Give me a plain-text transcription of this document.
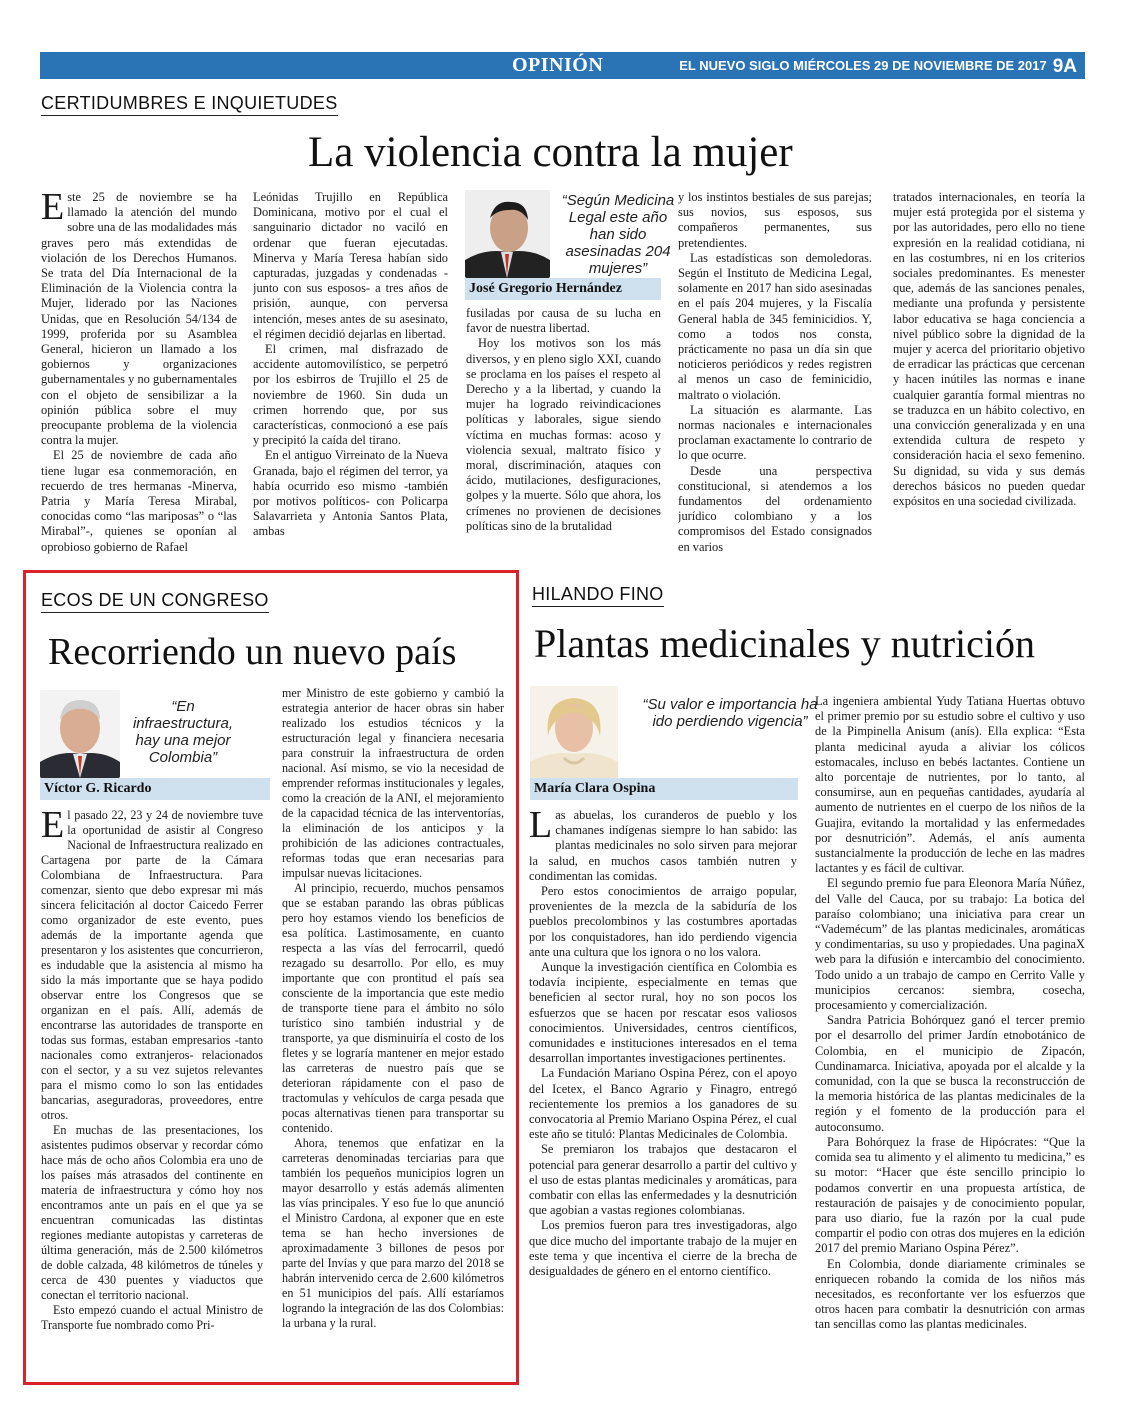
OPINIÓN	EL NUEVO SIGLO MIÉRCOLES 29 DE NOVIEMBRE DE 2017 9A
CERTIDUMBRES E INQUIETUDES
La violencia contra la mujer

Este 25 de noviembre se ha llamado la atención del mundo sobre una de las modalidades más graves pero más extendidas de violación de los Derechos Humanos. Se trata del Día Internacional de la Eliminación de la Violencia contra la Mujer, liderado por las Naciones Unidas, que en Resolución 54/134 de 1999, proferida por su Asamblea General, hicieron un llamado a los gobiernos y organizaciones gubernamentales y no gubernamentales con el objeto de sensibilizar a la opinión pública sobre el muy preocupante problema de la violencia contra la mujer.

El 25 de noviembre de cada año tiene lugar esa conmemoración, en recuerdo de tres hermanas -Minerva, Patria y María Teresa Mirabal, conocidas como “las mariposas” o “las Mirabal”-, quienes se oponían al oprobioso gobierno de Rafael

Leónidas Trujillo en República Dominicana, motivo por el cual el sanguinario dictador no vaciló en ordenar que fueran ejecutadas. Minerva y María Teresa habían sido capturadas, juzgadas y condenadas -junto con sus esposos- a tres años de prisión, aunque, con perversa intención, meses antes de su asesinato, el régimen decidió dejarlas en libertad.

El crimen, mal disfrazado de accidente automovilístico, se perpetró por los esbirros de Trujillo el 25 de noviembre de 1960. Sin duda un crimen horrendo que, por sus características, conmocionó a ese país y precipitó la caída del tirano.

En el antiguo Virreinato de la Nueva Granada, bajo el régimen del terror, ya había ocurrido eso mismo -también por motivos políticos- con Policarpa Salavarrieta y Antonia Santos Plata, ambas

“Según Medicina Legal este año han sido asesinadas 204 mujeres”
José Gregorio Hernández

fusiladas por causa de su lucha en favor de nuestra libertad.

Hoy los motivos son los más diversos, y en pleno siglo XXI, cuando se proclama en los países el respeto al Derecho y a la libertad, y cuando la mujer ha logrado reivindicaciones políticas y laborales, sigue siendo víctima en muchas formas: acoso y violencia sexual, maltrato físico y moral, discriminación, ataques con ácido, mutilaciones, desfiguraciones, golpes y la muerte. Sólo que ahora, los crímenes no provienen de decisiones políticas sino de la brutalidad

y los instintos bestiales de sus parejas; sus novios, sus esposos, sus compañeros permanentes, sus pretendientes.

Las estadísticas son demoledoras. Según el Instituto de Medicina Legal, solamente en 2017 han sido asesinadas en el país 204 mujeres, y la Fiscalía General habla de 345 feminicidios. Y, como a todos nos consta, prácticamente no pasa un día sin que noticieros periódicos y redes registren al menos un caso de feminicidio, maltrato o violación.

La situación es alarmante. Las normas nacionales e internacionales proclaman exactamente lo contrario de lo que ocurre.

Desde una perspectiva constitucional, si atendemos a los fundamentos del ordenamiento jurídico colombiano y a los compromisos del Estado consignados en varios

tratados internacionales, en teoría la mujer está protegida por el sistema y por las autoridades, pero ello no tiene expresión en la realidad cotidiana, ni en las costumbres, ni en los criterios sociales predominantes. Es menester que, además de las sanciones penales, mediante una profunda y persistente labor educativa se haga conciencia a nivel público sobre la dignidad de la mujer y acerca del prioritario objetivo de erradicar las prácticas que cercenan y hacen inútiles las normas e inane cualquier garantía formal mientras no se traduzca en un hábito colectivo, en una convicción generalizada y en una extendida cultura de respeto y consideración hacia el sexo femenino. Su dignidad, su vida y sus demás derechos básicos no pueden quedar expósitos en una sociedad civilizada.

ECOS DE UN CONGRESO
Recorriendo un nuevo país
“En infraestructura, hay una mejor Colombia”
Víctor G. Ricardo

El pasado 22, 23 y 24 de noviembre tuve la oportunidad de asistir al Congreso Nacional de Infraestructura realizado en Cartagena por parte de la Cámara Colombiana de Infraestructura. Para comenzar, siento que debo expresar mi más sincera felicitación al doctor Caicedo Ferrer como organizador de este evento, pues además de la importante agenda que presentaron y los asistentes que concurrieron, es indudable que la asistencia al mismo ha sido la más importante que se haya podido observar entre los Congresos que se organizan en el país. Allí, además de encontrarse las autoridades de transporte en todas sus formas, estaban empresarios -tanto nacionales como extranjeros- relacionados con el sector, y a su vez sujetos relevantes para el mismo como lo son las entidades bancarias, aseguradoras, proveedores, entre otros.

En muchas de las presentaciones, los asistentes pudimos observar y recordar cómo hace más de ocho años Colombia era uno de los países más atrasados del continente en materia de infraestructura y cómo hoy nos encontramos ante un país en el que ya se encuentran comunicadas las distintas regiones mediante autopistas y carreteras de última generación, más de 2.500 kilómetros de doble calzada, 48 kilómetros de túneles y cerca de 430 puentes y viaductos que conectan el territorio nacional.

Esto empezó cuando el actual Ministro de Transporte fue nombrado como Pri-

mer Ministro de este gobierno y cambió la estrategia anterior de hacer obras sin haber realizado los estudios técnicos y la estructuración legal y financiera necesaria para construir la infraestructura de orden nacional. Así mismo, se vio la necesidad de emprender reformas institucionales y legales, como la creación de la ANI, el mejoramiento de la capacidad técnica de las interventorías, la eliminación de los anticipos y la prohibición de las adiciones contractuales, reformas todas que eran necesarias para impulsar nuevas licitaciones.

Al principio, recuerdo, muchos pensamos que se estaban parando las obras públicas pero hoy estamos viendo los beneficios de esa política. Lastimosamente, en cuanto respecta a las vías del ferrocarril, quedó rezagado su desarrollo. Por ello, es muy importante que con prontitud el país sea consciente de la importancia que este medio de transporte tiene para el ámbito no sólo turístico sino también industrial y de transporte, ya que disminuiría el costo de los fletes y se lograría mantener en mejor estado las carreteras de nuestro país que se deterioran rápidamente con el paso de tractomulas y vehículos de carga pesada que pocas alternativas tienen para transportar su contenido.

Ahora, tenemos que enfatizar en la carreteras denominadas terciarias para que también los pequeños municipios logren un mayor desarrollo y estás además alimenten las vías principales. Y eso fue lo que anunció el Ministro Cardona, al exponer que en este tema se han hecho inversiones de aproximadamente 3 billones de pesos por parte del Invías y que para marzo del 2018 se habrán intervenido cerca de 2.600 kilómetros en 51 municipios del país. Allí estaríamos logrando la integración de las dos Colombias: la urbana y la rural.

HILANDO FINO
Plantas medicinales y nutrición
“Su valor e importancia ha ido perdiendo vigencia”
María Clara Ospina

Las abuelas, los curanderos de pueblo y los chamanes indígenas siempre lo han sabido: las plantas medicinales no solo sirven para mejorar la salud, en muchos casos también nutren y condimentan las comidas.

Pero estos conocimientos de arraigo popular, provenientes de la mezcla de la sabiduría de los pueblos precolombinos y las costumbres aportadas por los conquistadores, han ido perdiendo vigencia ante una cultura que los ignora o no los valora.

Aunque la investigación científica en Colombia es todavía incipiente, especialmente en temas que beneficien al sector rural, hoy no son pocos los esfuerzos que se hacen por rescatar esos valiosos conocimientos. Universidades, centros científicos, comunidades e instituciones interesados en el tema desarrollan importantes investigaciones pertinentes.

La Fundación Mariano Ospina Pérez, con el apoyo del Icetex, el Banco Agrario y Finagro, entregó recientemente los premios a los ganadores de su convocatoria al Premio Mariano Ospina Pérez, el cual este año se tituló: Plantas Medicinales de Colombia.

Se premiaron los trabajos que destacaron el potencial para generar desarrollo a partir del cultivo y el uso de estas plantas medicinales y aromáticas, para combatir con ellas las enfermedades y la desnutrición que agobian a vastas regiones colombianas.

Los premios fueron para tres investigadoras, algo que dice mucho del importante trabajo de la mujer en este tema y que incentiva el cierre de la brecha de desigualdades de género en el entorno científico.

La ingeniera ambiental Yudy Tatiana Huertas obtuvo el primer premio por su estudio sobre el cultivo y uso de la Pimpinella Anisum (anís). Ella explica: “Esta planta medicinal ayuda a aliviar los cólicos estomacales, incluso en bebés lactantes. Contiene un alto porcentaje de nutrientes, por lo tanto, al consumirse, aun en pequeñas cantidades, ayudaría al aumento de nutrientes en el cuerpo de los niños de la Guajira, evitando la mortalidad y las enfermedades por desnutrición”. Además, el anís aumenta sustancialmente la producción de leche en las madres lactantes y es fácil de cultivar.

El segundo premio fue para Eleonora María Núñez, del Valle del Cauca, por su trabajo: La botica del paraíso colombiano; una iniciativa para crear un “Vademécum” de las plantas medicinales, aromáticas y condimentarias, su uso y propiedades. Una paginaX web para la difusión e intercambio del conocimiento. Todo unido a un trabajo de campo en Cerrito Valle y municipios cercanos: siembra, cosecha, procesamiento y comercialización.

Sandra Patricia Bohórquez ganó el tercer premio por el desarrollo del primer Jardín etnobotánico de Colombia, en el municipio de Zipacón, Cundinamarca. Iniciativa, apoyada por el alcalde y la comunidad, con la que se busca la reconstrucción de la memoria histórica de las plantas medicinales de la región y el fomento de la producción para el autoconsumo.

Para Bohórquez la frase de Hipócrates: “Que la comida sea tu alimento y el alimento tu medicina,” es su motor: “Hacer que éste sencillo principio lo podamos convertir en una propuesta artística, de restauración de paisajes y de conocimiento popular, para uso diario, fue la razón por la cual pude compartir el podio con otras dos mujeres en la edición 2017 del premio Mariano Ospina Pérez”.

En Colombia, donde diariamente criminales se enriquecen robando la comida de los niños más necesitados, es reconfortante ver los esfuerzos que otros hacen para combatir la desnutrición con armas tan sencillas como las plantas medicinales.
